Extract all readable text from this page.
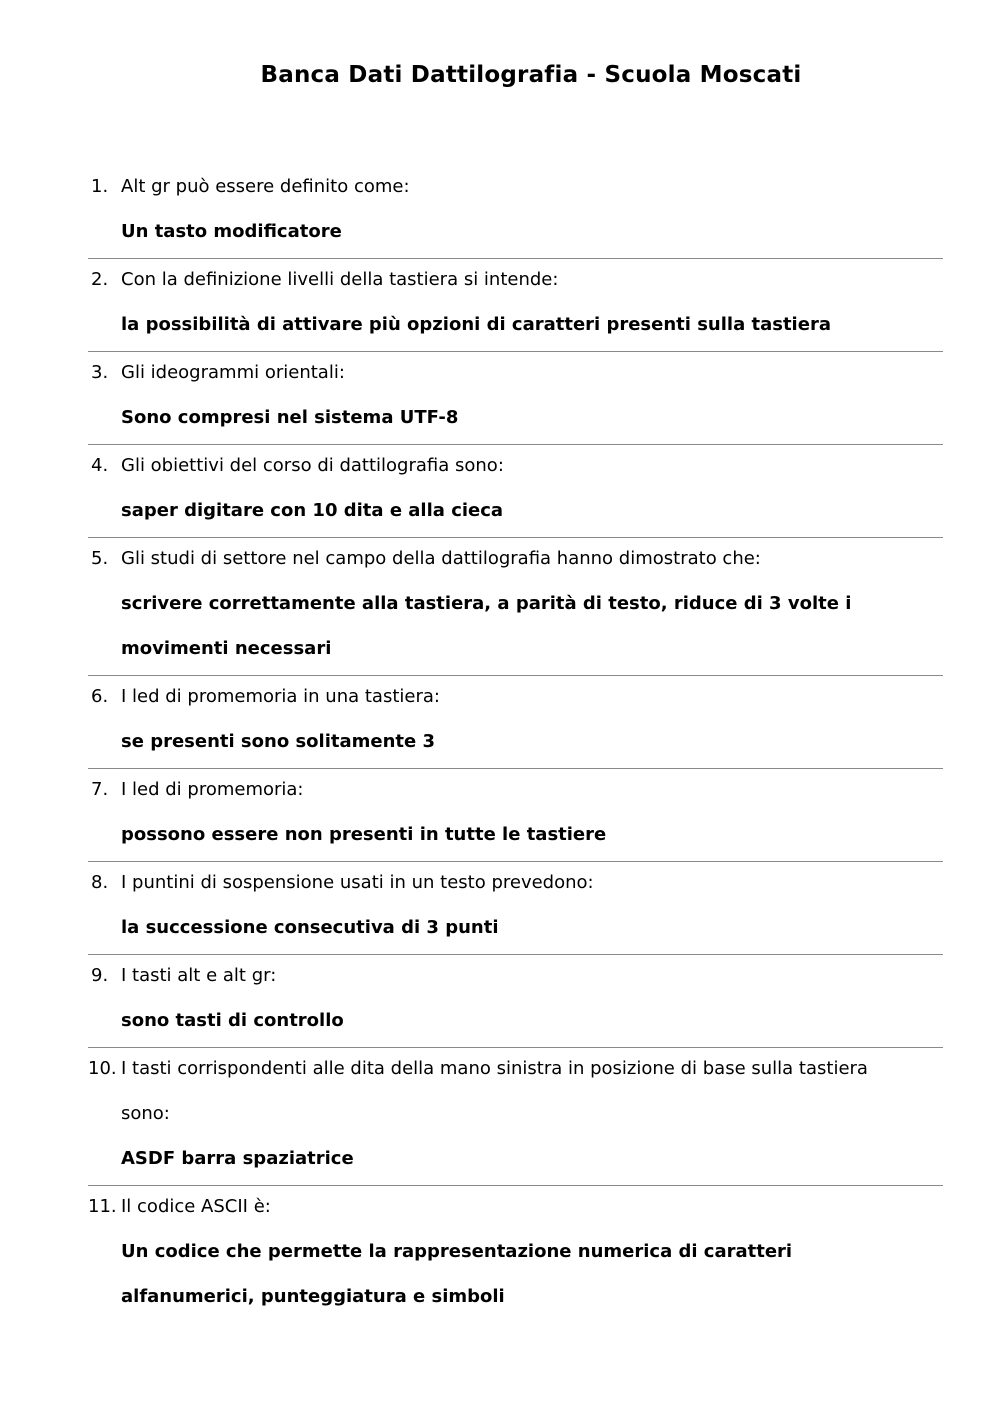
Banca Dati Dattilografia - Scuola Moscati
1. Alt gr può essere definito come:
Un tasto modificatore
2. Con la definizione livelli della tastiera si intende:
la possibilità di attivare più opzioni di caratteri presenti sulla tastiera
3. Gli ideogrammi orientali:
Sono compresi nel sistema UTF-8
4. Gli obiettivi del corso di dattilografia sono:
saper digitare con 10 dita e alla cieca
5. Gli studi di settore nel campo della dattilografia hanno dimostrato che:
scrivere correttamente alla tastiera, a parità di testo, riduce di 3 volte i
movimenti necessari
6. I led di promemoria in una tastiera:
se presenti sono solitamente 3
7. I led di promemoria:
possono essere non presenti in tutte le tastiere
8. I puntini di sospensione usati in un testo prevedono:
la successione consecutiva di 3 punti
9. I tasti alt e alt gr:
sono tasti di controllo
10. I tasti corrispondenti alle dita della mano sinistra in posizione di base sulla tastiera
sono:
ASDF barra spaziatrice
11. Il codice ASCII è:
Un codice che permette la rappresentazione numerica di caratteri
alfanumerici, punteggiatura e simboli
